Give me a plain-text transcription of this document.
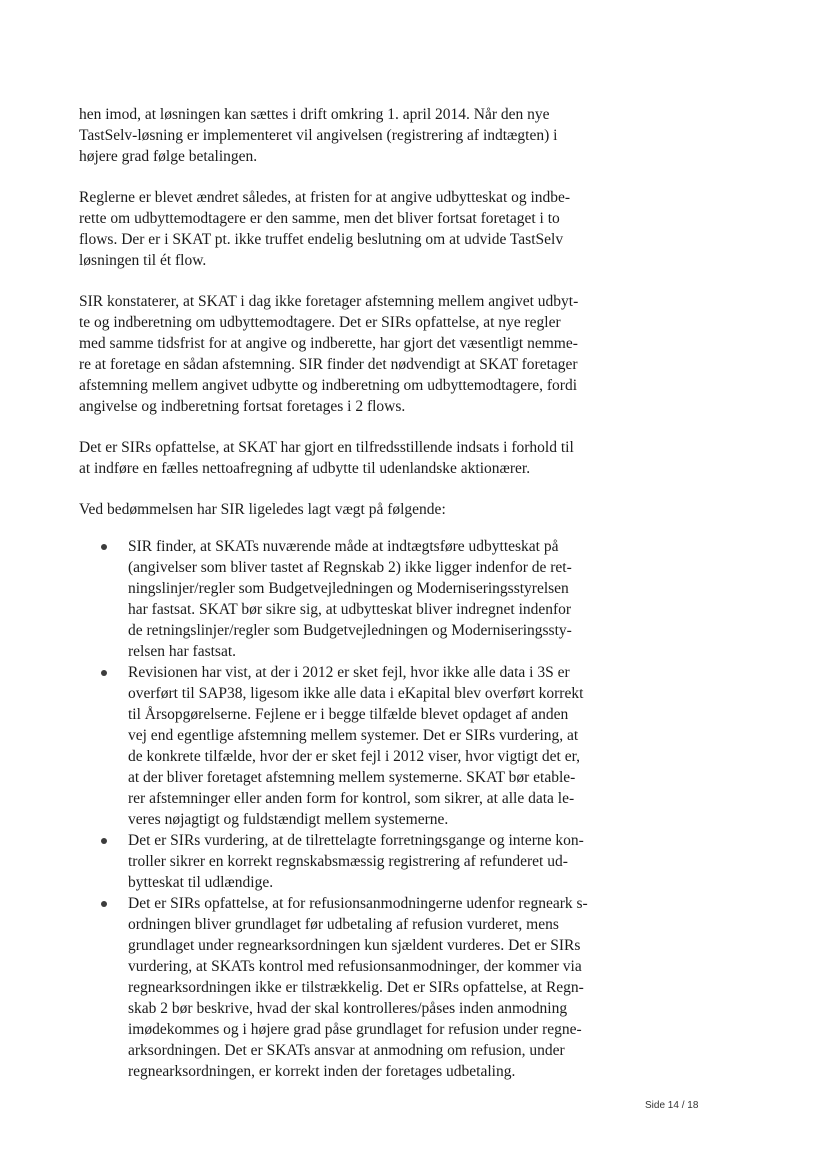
hen imod, at løsningen kan sættes i drift omkring 1. april 2014. Når den nye
TastSelv-løsning er implementeret vil angivelsen (registrering af indtægten) i
højere grad følge betalingen.
Reglerne er blevet ændret således, at fristen for at angive udbytteskat og indbe-
rette om udbyttemodtagere er den samme, men det bliver fortsat foretaget i to
flows. Der er i SKAT pt. ikke truffet endelig beslutning om at udvide TastSelv
løsningen til ét flow.
SIR konstaterer, at SKAT i dag ikke foretager afstemning mellem angivet udbyt-
te og indberetning om udbyttemodtagere. Det er SIRs opfattelse, at nye regler
med samme tidsfrist for at angive og indberette, har gjort det væsentligt nemme-
re at foretage en sådan afstemning. SIR finder det nødvendigt at SKAT foretager
afstemning mellem angivet udbytte og indberetning om udbyttemodtagere, fordi
angivelse og indberetning fortsat foretages i 2 flows.
Det er SIRs opfattelse, at SKAT har gjort en tilfredsstillende indsats i forhold til
at indføre en fælles nettoafregning af udbytte til udenlandske aktionærer.
Ved bedømmelsen har SIR ligeledes lagt vægt på følgende:
SIR finder, at SKATs nuværende måde at indtægtsføre udbytteskat på
(angivelser som bliver tastet af Regnskab 2) ikke ligger indenfor de ret-
ningslinjer/regler som Budgetvejledningen og Moderniseringsstyrelsen
har fastsat. SKAT bør sikre sig, at udbytteskat bliver indregnet indenfor
de retningslinjer/regler som Budgetvejledningen og Moderniseringssty-
relsen har fastsat.
Revisionen har vist, at der i 2012 er sket fejl, hvor ikke alle data i 3S er
overført til SAP38, ligesom ikke alle data i eKapital blev overført korrekt
til Årsopgørelserne. Fejlene er i begge tilfælde blevet opdaget af anden
vej end egentlige afstemning mellem systemer. Det er SIRs vurdering, at
de konkrete tilfælde, hvor der er sket fejl i 2012 viser, hvor vigtigt det er,
at der bliver foretaget afstemning mellem systemerne. SKAT bør etable-
rer afstemninger eller anden form for kontrol, som sikrer, at alle data le-
veres nøjagtigt og fuldstændigt mellem systemerne.
Det er SIRs vurdering, at de tilrettelagte forretningsgange og interne kon-
troller sikrer en korrekt regnskabsmæssig registrering af refunderet ud-
bytteskat til udlændige.
Det er SIRs opfattelse, at for refusionsanmodningerne udenfor regneark s-
ordningen bliver grundlaget før udbetaling af refusion vurderet, mens
grundlaget under regnearksordningen kun sjældent vurderes. Det er SIRs
vurdering, at SKATs kontrol med refusionsanmodninger, der kommer via
regnearksordningen ikke er tilstrækkelig. Det er SIRs opfattelse, at Regn-
skab 2 bør beskrive, hvad der skal kontrolleres/påses inden anmodning
imødekommes og i højere grad påse grundlaget for refusion under regne-
arksordningen. Det er SKATs ansvar at anmodning om refusion, under
regnearksordningen, er korrekt inden der foretages udbetaling.
Side 14 / 18
